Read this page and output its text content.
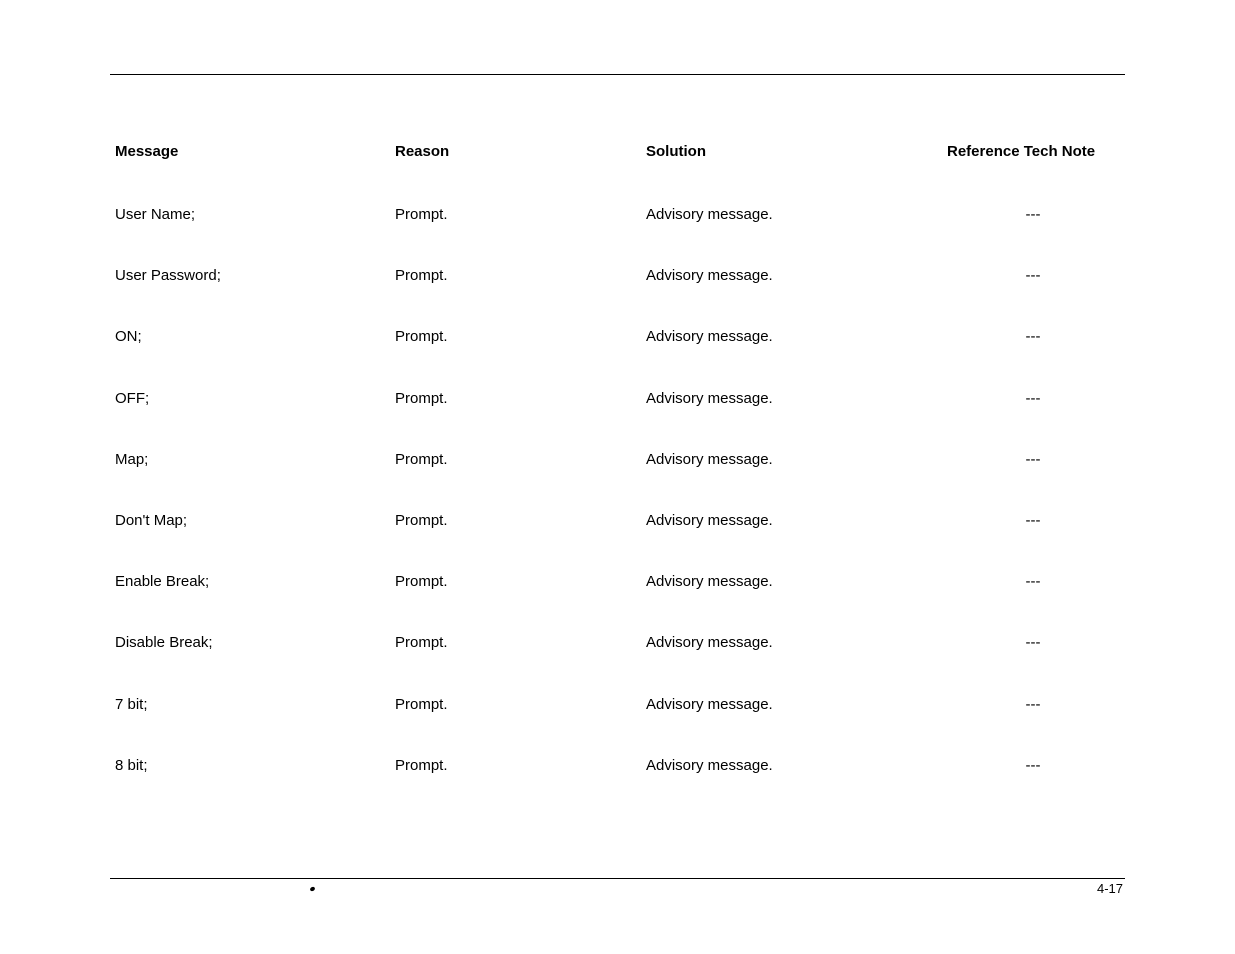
Message	Reason	Solution	Reference Tech Note
User Name;	Prompt.	Advisory message.	---
User Password;	Prompt.	Advisory message.	---
ON;	Prompt.	Advisory message.	---
OFF;	Prompt.	Advisory message.	---
Map;	Prompt.	Advisory message.	---
Don't Map;	Prompt.	Advisory message.	---
Enable Break;	Prompt.	Advisory message.	---
Disable Break;	Prompt.	Advisory message.	---
7 bit;	Prompt.	Advisory message.	---
8 bit;	Prompt.	Advisory message.	---
4-17
